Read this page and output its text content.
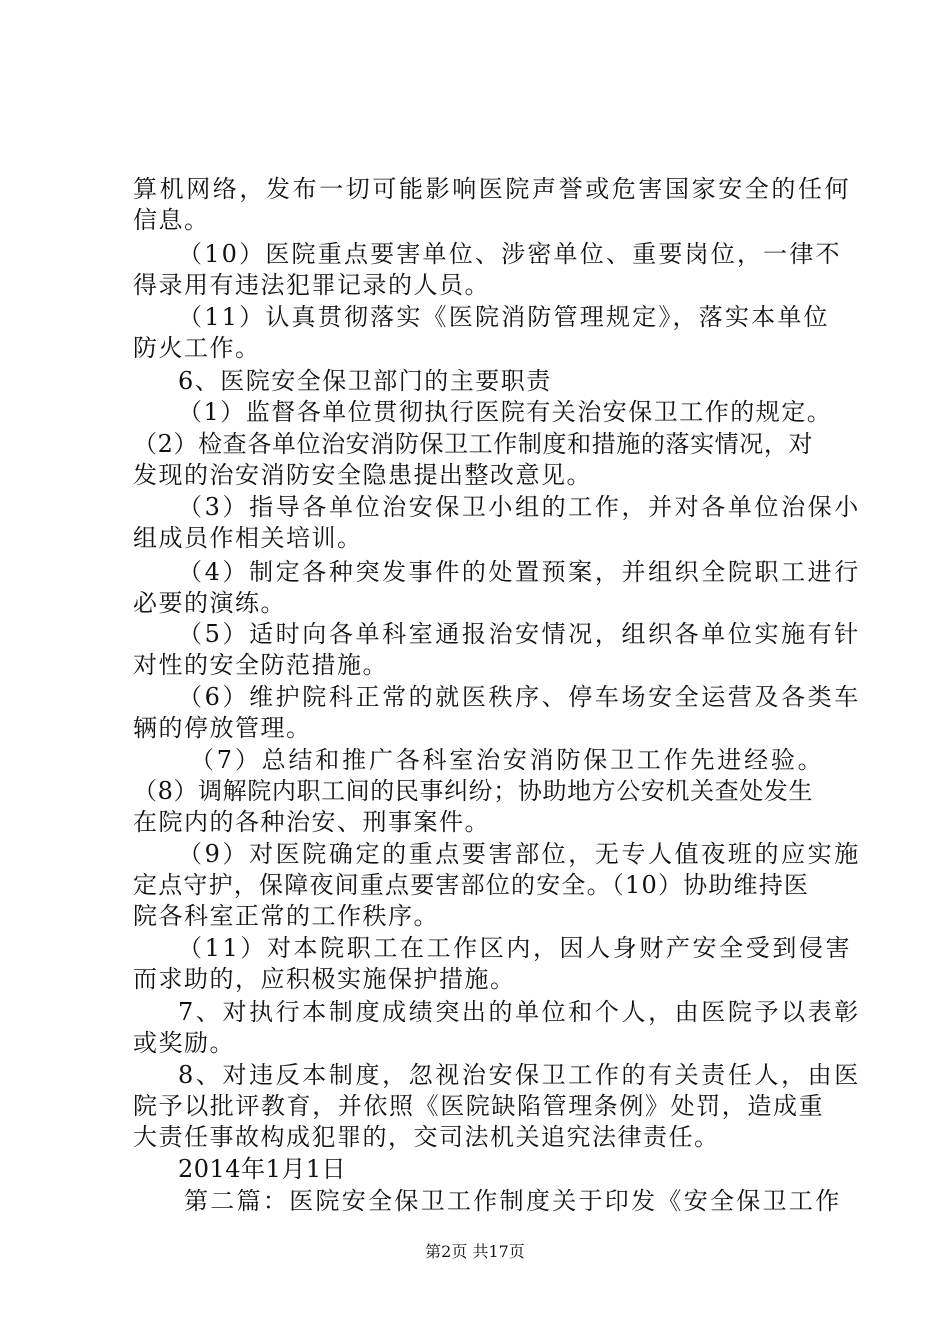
算机网络，发布一切可能影响医院声誉或危害国家安全的任何
信息。
（10）医院重点要害单位、涉密单位、重要岗位，一律不
得录用有违法犯罪记录的人员。
（11）认真贯彻落实《医院消防管理规定》，落实本单位
防火工作。
6、医院安全保卫部门的主要职责
（1）监督各单位贯彻执行医院有关治安保卫工作的规定。
（2）检查各单位治安消防保卫工作制度和措施的落实情况，对
发现的治安消防安全隐患提出整改意见。
（3）指导各单位治安保卫小组的工作，并对各单位治保小
组成员作相关培训。
（4）制定各种突发事件的处置预案，并组织全院职工进行
必要的演练。
（5）适时向各单科室通报治安情况，组织各单位实施有针
对性的安全防范措施。
（6）维护院科正常的就医秩序、停车场安全运营及各类车
辆的停放管理。
（7）总结和推广各科室治安消防保卫工作先进经验。
（8）调解院内职工间的民事纠纷；协助地方公安机关查处发生
在院内的各种治安、刑事案件。
（9）对医院确定的重点要害部位，无专人值夜班的应实施
定点守护，保障夜间重点要害部位的安全。（10）协助维持医
院各科室正常的工作秩序。
（11）对本院职工在工作区内，因人身财产安全受到侵害
而求助的，应积极实施保护措施。
7、对执行本制度成绩突出的单位和个人，由医院予以表彰
或奖励。
8、对违反本制度，忽视治安保卫工作的有关责任人，由医
院予以批评教育，并依照《医院缺陷管理条例》处罚，造成重
大责任事故构成犯罪的，交司法机关追究法律责任。
2014年1月1日
第二篇：医院安全保卫工作制度关于印发《安全保卫工作
第2页 共17页
